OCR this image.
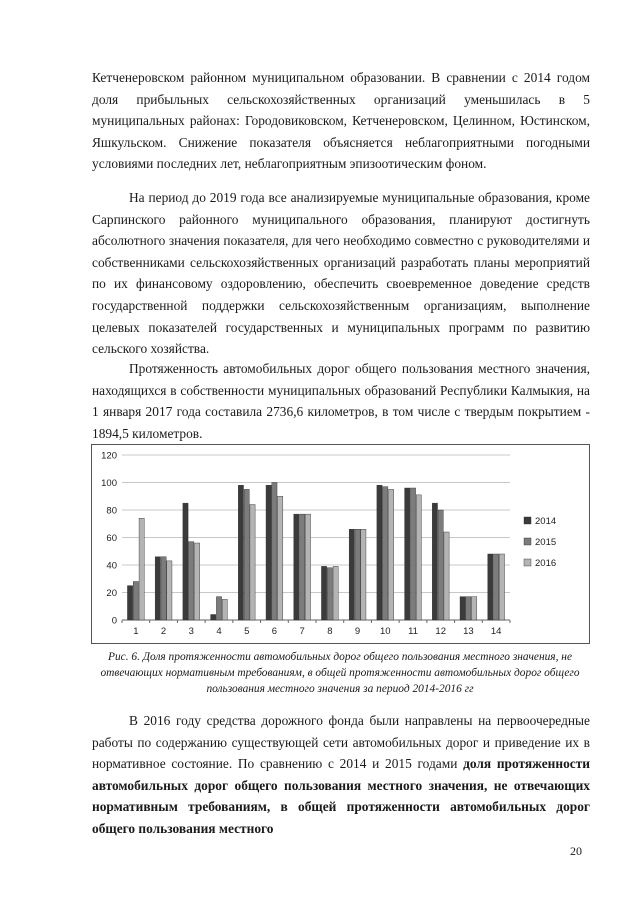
Кетченеровском районном муниципальном образовании. В сравнении с 2014 годом доля прибыльных сельскохозяйственных организаций уменьшилась в 5 муниципальных районах: Городовиковском, Кетченеровском, Целинном, Юстинском, Яшкульском. Снижение показателя объясняется неблагоприятными погодными условиями последних лет, неблагоприятным эпизоотическим фоном.

На период до 2019 года все анализируемые муниципальные образования, кроме Сарпинского районного муниципального образования, планируют достигнуть абсолютного значения показателя, для чего необходимо совместно с руководителями и собственниками сельскохозяйственных организаций разработать планы мероприятий по их финансовому оздоровлению, обеспечить своевременное доведение средств государственной поддержки сельскохозяйственным организациям, выполнение целевых показателей государственных и муниципальных программ по развитию сельского хозяйства.

Протяженность автомобильных дорог общего пользования местного значения, находящихся в собственности муниципальных образований Республики Калмыкия, на 1 января 2017 года составила 2736,6 километров, в том числе с твердым покрытием - 1894,5 километров.

0
20
40
60
80
100
120
1 2 3 4 5 6 7 8 9 10 11 12 13 14
2014
2015
2016
Рис. 6. Доля протяженности автомобильных дорог общего пользования местного значения, не отвечающих нормативным требованиям, в общей протяженности автомобильных дорог общего пользования местного значения за период 2014-2016 гг

В 2016 году средства дорожного фонда были направлены на первоочередные работы по содержанию существующей сети автомобильных дорог и приведение их в нормативное состояние. По сравнению с 2014 и 2015 годами доля протяженности автомобильных дорог общего пользования местного значения, не отвечающих нормативным требованиям, в общей протяженности автомобильных дорог общего пользования местного

20
